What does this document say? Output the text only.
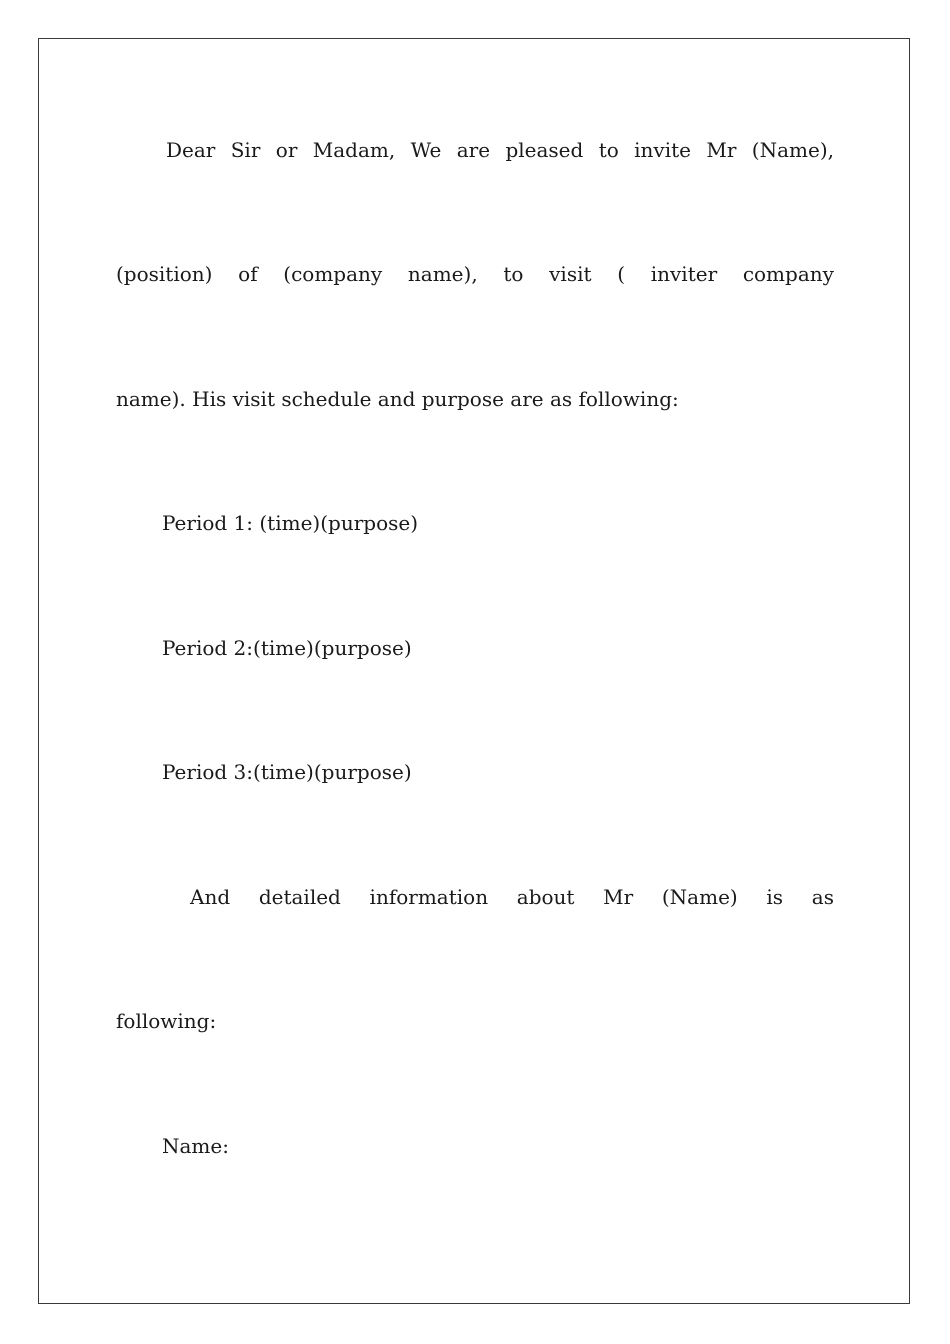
Dear Sir or Madam, We are pleased to invite Mr (Name),
(position) of (company name), to visit ( inviter company
name). His visit schedule and purpose are as following:
Period 1: (time)(purpose)
Period 2:(time)(purpose)
Period 3:(time)(purpose)
And detailed information about Mr (Name) is as
following:
Name:
